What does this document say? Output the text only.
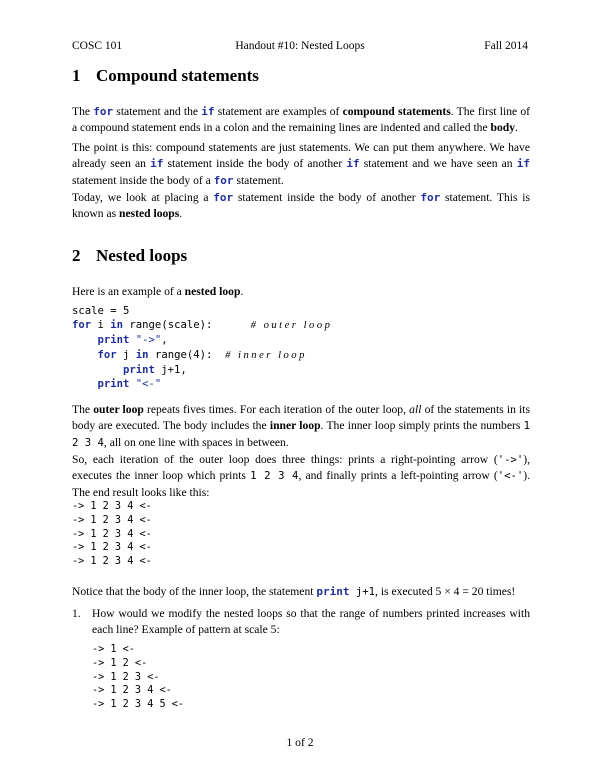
COSC 101	Handout #10: Nested Loops	Fall 2014
1 Compound statements
The for statement and the if statement are examples of compound statements. The first line of a compound statement ends in a colon and the remaining lines are indented and called the body.
The point is this: compound statements are just statements. We can put them anywhere. We have already seen an if statement inside the body of another if statement and we have seen an if statement inside the body of a for statement.
Today, we look at placing a for statement inside the body of another for statement. This is known as nested loops.
2 Nested loops
Here is an example of a nested loop.
scale = 5
for i in range(scale):	# outer loop
print "->",
for j in range(4): # inner loop
print j+1,
print "<-"
The outer loop repeats fives times. For each iteration of the outer loop, all of the statements in its body are executed. The body includes the inner loop. The inner loop simply prints the numbers 1 2 3 4, all on one line with spaces in between.
So, each iteration of the outer loop does three things: prints a right-pointing arrow ('->'), executes the inner loop which prints 1 2 3 4, and finally prints a left-pointing arrow ('<-'). The end result looks like this:
-> 1 2 3 4 <-
-> 1 2 3 4 <-
-> 1 2 3 4 <-
-> 1 2 3 4 <-
-> 1 2 3 4 <-
Notice that the body of the inner loop, the statement print j+1, is executed 5 × 4 = 20 times!
1. How would we modify the nested loops so that the range of numbers printed increases with each line? Example of pattern at scale 5:
-> 1 <-
-> 1 2 <-
-> 1 2 3 <-
-> 1 2 3 4 <-
-> 1 2 3 4 5 <-
1 of 2
